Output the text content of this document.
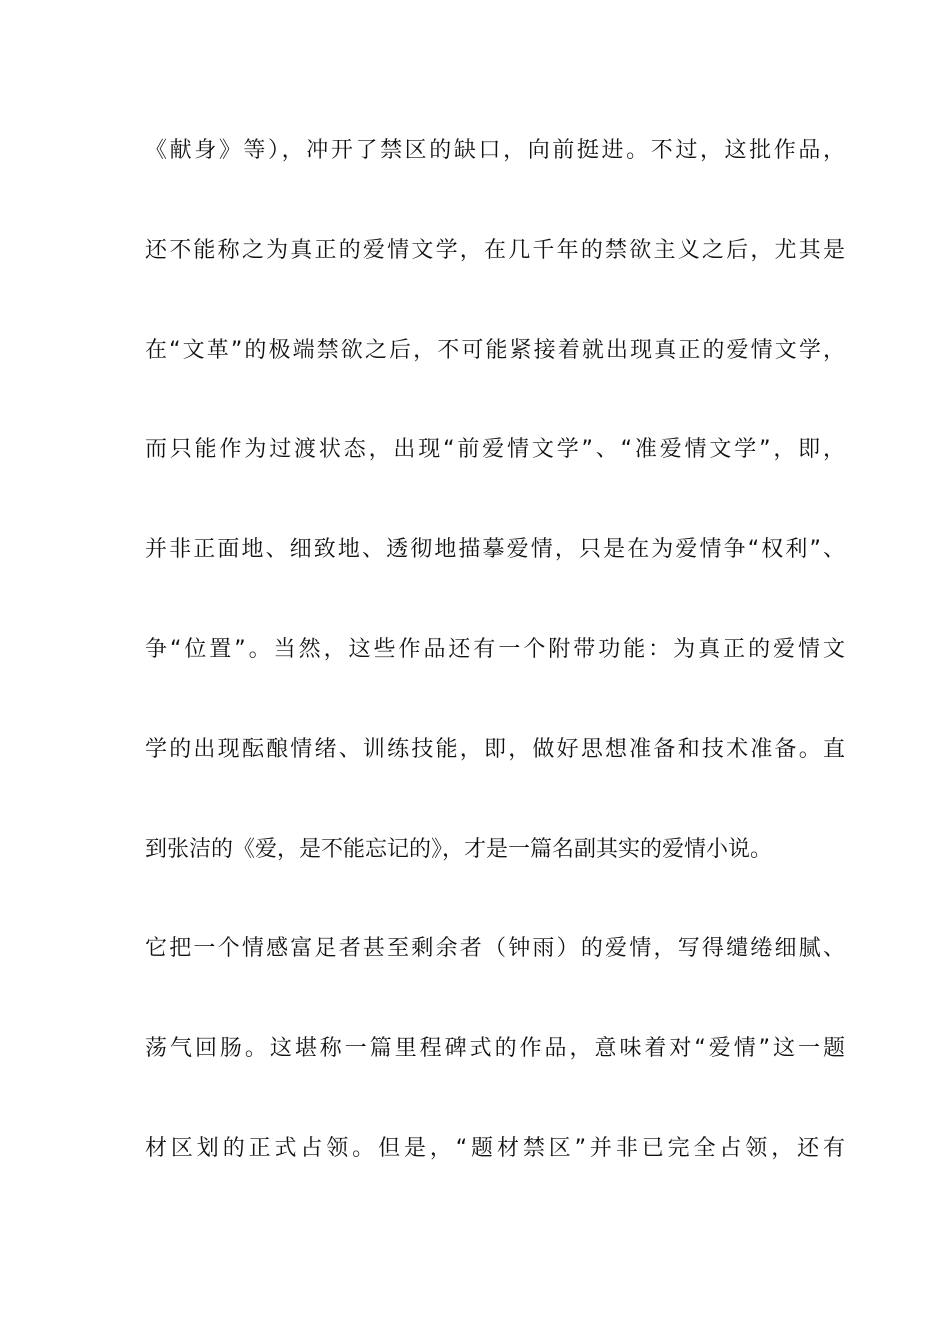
《献身》等），冲开了禁区的缺口，向前挺进。不过，这批作品，
还不能称之为真正的爱情文学，在几千年的禁欲主义之后，尤其是
在“文革”的极端禁欲之后，不可能紧接着就出现真正的爱情文学，
而只能作为过渡状态，出现“前爱情文学”、“准爱情文学”，即，
并非正面地、细致地、透彻地描摹爱情，只是在为爱情争“权利”、
争“位置”。当然，这些作品还有一个附带功能：为真正的爱情文
学的出现酝酿情绪、训练技能，即，做好思想准备和技术准备。直
到张洁的《爱，是不能忘记的》，才是一篇名副其实的爱情小说。
它把一个情感富足者甚至剩余者（钟雨）的爱情，写得缱绻细腻、
荡气回肠。这堪称一篇里程碑式的作品，意味着对“爱情”这一题
材区划的正式占领。但是，“题材禁区”并非已完全占领，还有
